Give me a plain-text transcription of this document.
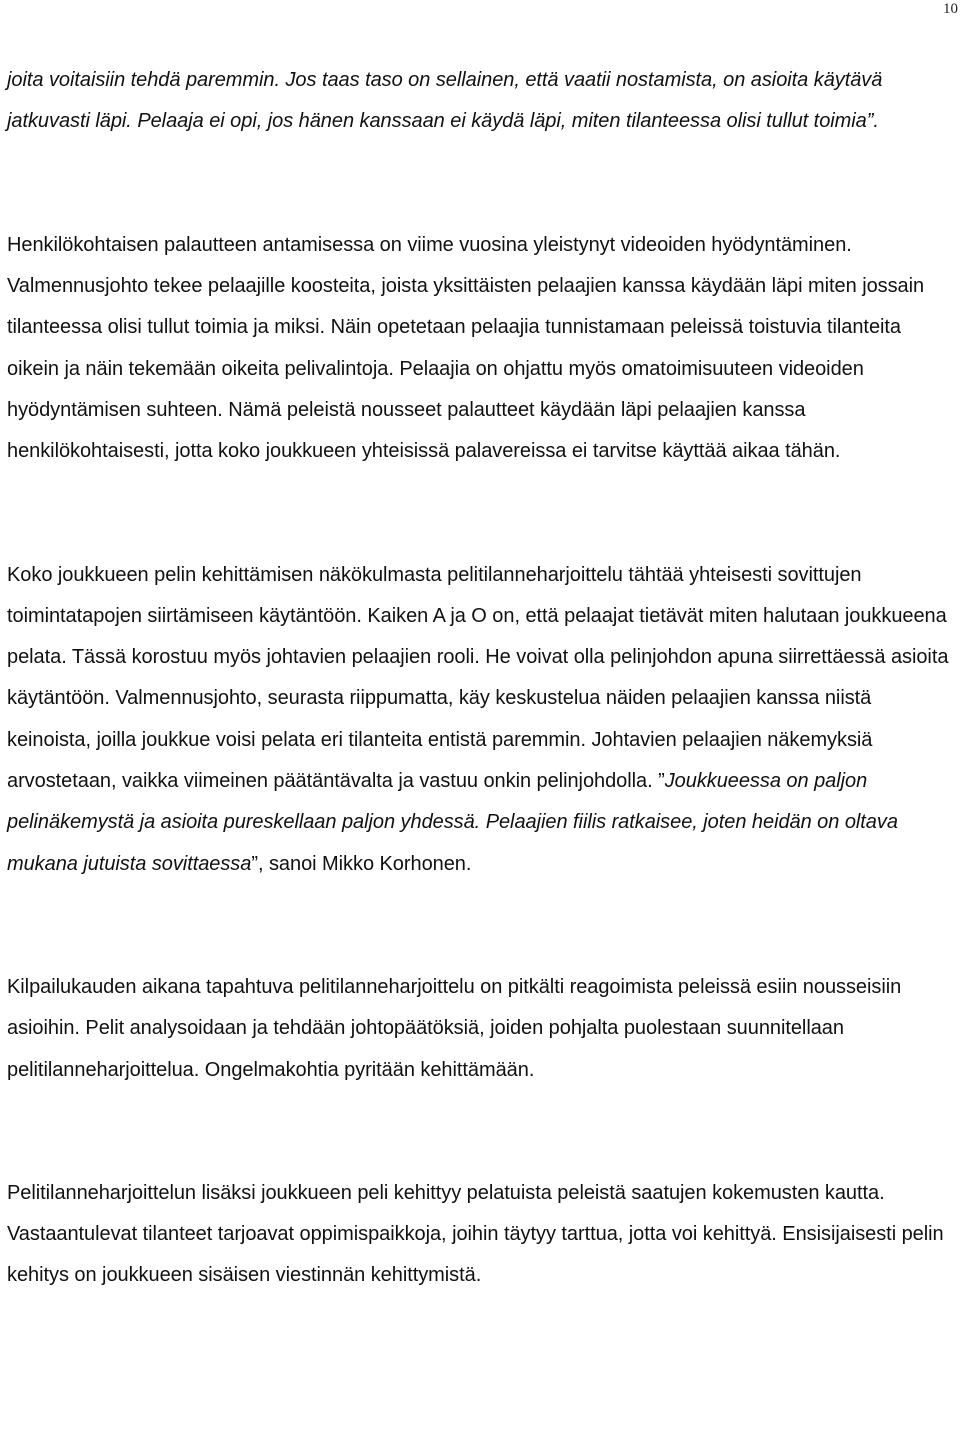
10

joita voitaisiin tehdä paremmin. Jos taas taso on sellainen, että vaatii nostamista, on asioita käytävä jatkuvasti läpi. Pelaaja ei opi, jos hänen kanssaan ei käydä läpi, miten tilanteessa olisi tullut toimia”.

Henkilökohtaisen palautteen antamisessa on viime vuosina yleistynyt videoiden hyödyntäminen. Valmennusjohto tekee pelaajille koosteita, joista yksittäisten pelaajien kanssa käydään läpi miten jossain tilanteessa olisi tullut toimia ja miksi. Näin opetetaan pelaajia tunnistamaan peleissä toistuvia tilanteita oikein ja näin tekemään oikeita pelivalintoja. Pelaajia on ohjattu myös omatoimisuuteen videoiden hyödyntämisen suhteen. Nämä peleistä nousseet palautteet käydään läpi pelaajien kanssa henkilökohtaisesti, jotta koko joukkueen yhteisissä palavereissa ei tarvitse käyttää aikaa tähän.

Koko joukkueen pelin kehittämisen näkökulmasta pelitilanneharjoittelu tähtää yhteisesti sovittujen toimintatapojen siirtämiseen käytäntöön. Kaiken A ja O on, että pelaajat tietävät miten halutaan joukkueena pelata. Tässä korostuu myös johtavien pelaajien rooli. He voivat olla pelinjohdon apuna siirrettäessä asioita käytäntöön. Valmennusjohto, seurasta riippumatta, käy keskustelua näiden pelaajien kanssa niistä keinoista, joilla joukkue voisi pelata eri tilanteita entistä paremmin. Johtavien pelaajien näkemyksiä arvostetaan, vaikka viimeinen päätäntävalta ja vastuu onkin pelinjohdolla. ”Joukkueessa on paljon pelinäkemystä ja asioita pureskellaan paljon yhdessä. Pelaajien fiilis ratkaisee, joten heidän on oltava mukana jutuista sovittaessa”, sanoi Mikko Korhonen.

Kilpailukauden aikana tapahtuva pelitilanneharjoittelu on pitkälti reagoimista peleissä esiin nousseisiin asioihin. Pelit analysoidaan ja tehdään johtopäätöksiä, joiden pohjalta puolestaan suunnitellaan pelitilanneharjoittelua. Ongelmakohtia pyritään kehittämään.

Pelitilanneharjoittelun lisäksi joukkueen peli kehittyy pelatuista peleistä saatujen kokemusten kautta. Vastaantulevat tilanteet tarjoavat oppimispaikkoja, joihin täytyy tarttua, jotta voi kehittyä. Ensisijaisesti pelin kehitys on joukkueen sisäisen viestinnän kehittymistä.
